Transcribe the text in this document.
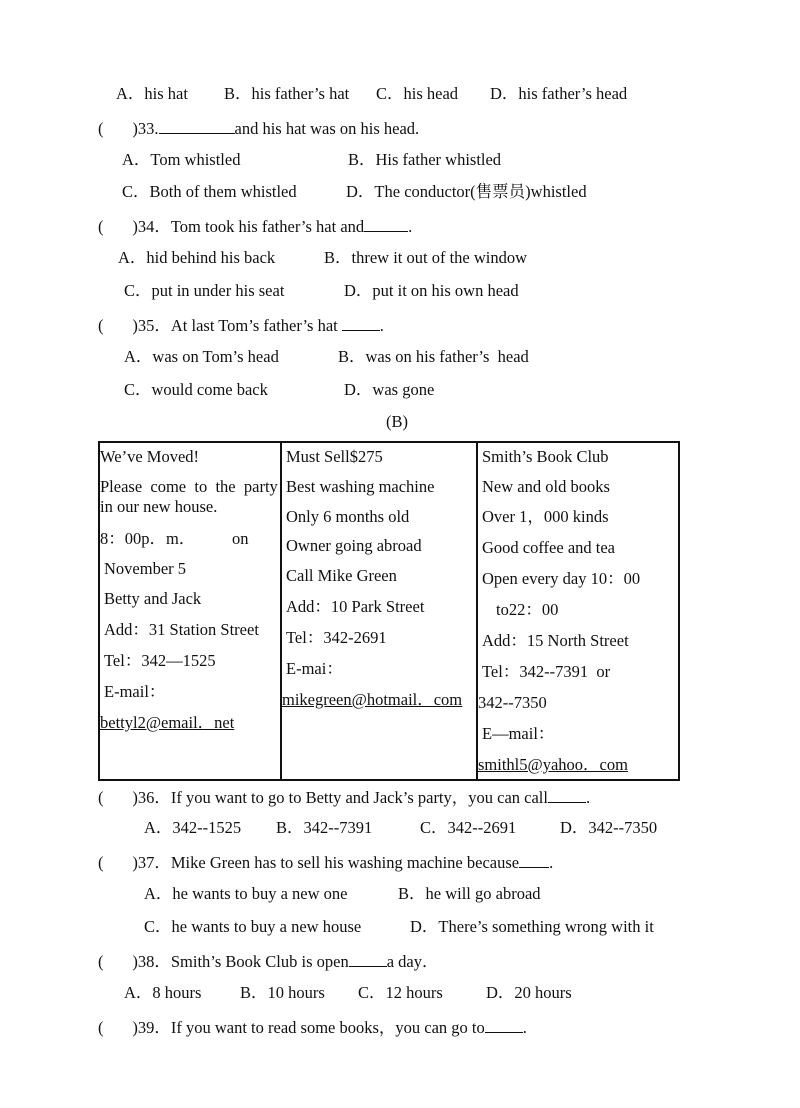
A．his hat B．his father’s hat C．his head D．his father’s head
(       )33.	and his hat was on his head.
A．Tom whistled	B．His father whistled
C．Both of them whistled	D．The conductor(售票员)whistled
(       )34．Tom took his father’s hat and	.
A．hid behind his back	B．threw it out of the window
C．put in under his seat	D．put it on his own head
(       )35．At last Tom’s father’s hat	.
A．was on Tom’s head	B．was on his father’s  head
C．would come back	D．was gone
(B)
We’ve Moved!
Please  come  to  the  party
in our new house.
8：00p．m． on
November 5
Betty and Jack
Add：31 Station Street
Tel：342—1525
E-mail：
bettyl2@email．net
Must Sell$275
Best washing machine
Only 6 months old
Owner going abroad
Call Mike Green
Add：10 Park Street
Tel：342-2691
E-mai：
mikegreen@hotmail．com
Smith’s Book Club
New and old books
Over 1，000 kinds
Good coffee and tea
Open every day 10：00
to22：00
Add：15 North Street
Tel：342--7391  or
342--7350
E—mail：
smithl5@yahoo．com
(       )36．If you want to go to Betty and Jack’s party，you can call .
A．342--1525 B．342--7391	C．342--2691	D．342--7350
(       )37．Mike Green has to sell his washing machine because .
A．he wants to buy a new one	B．he will go abroad
C．he wants to buy a new house	D．There’s something wrong with it
(       )38．Smith’s Book Club is open a day．
A．8 hours B．10 hours C．12 hours	D．20 hours
(       )39．If you want to read some books，you can go to .
